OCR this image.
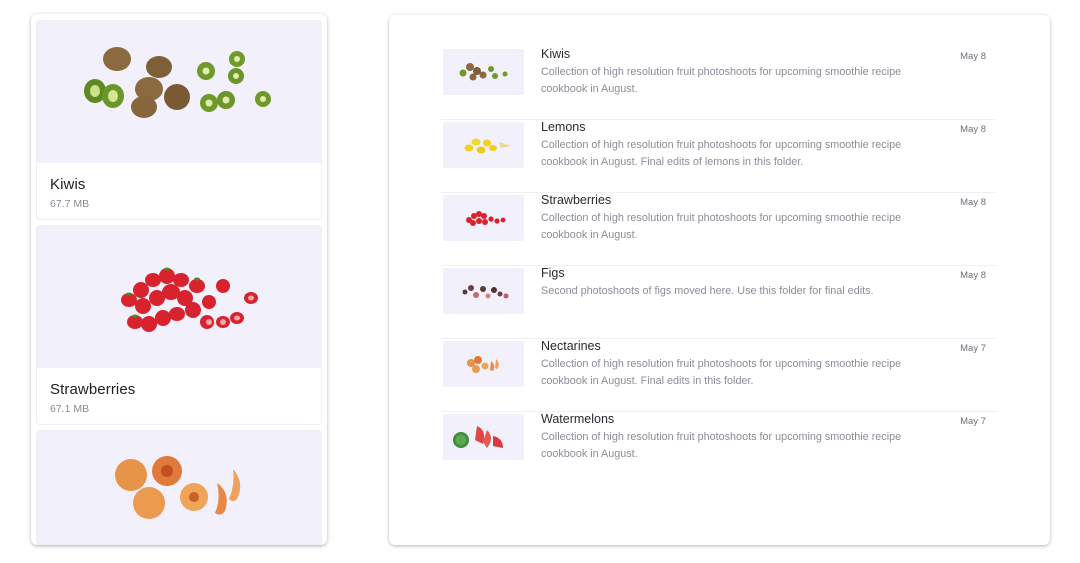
Kiwis
67.7 MB
Strawberries
67.1 MB
Kiwis
Collection of high resolution fruit photoshoots for upcoming smoothie recipe cookbook in August.
May 8
Lemons
Collection of high resolution fruit photoshoots for upcoming smoothie recipe cookbook in August. Final edits of lemons in this folder.
May 8
Strawberries
Collection of high resolution fruit photoshoots for upcoming smoothie recipe cookbook in August.
May 8
Figs
Second photoshoots of figs moved here. Use this folder for final edits.
May 8
Nectarines
Collection of high resolution fruit photoshoots for upcoming smoothie recipe cookbook in August. Final edits in this folder.
May 7
Watermelons
Collection of high resolution fruit photoshoots for upcoming smoothie recipe cookbook in August.
May 7
